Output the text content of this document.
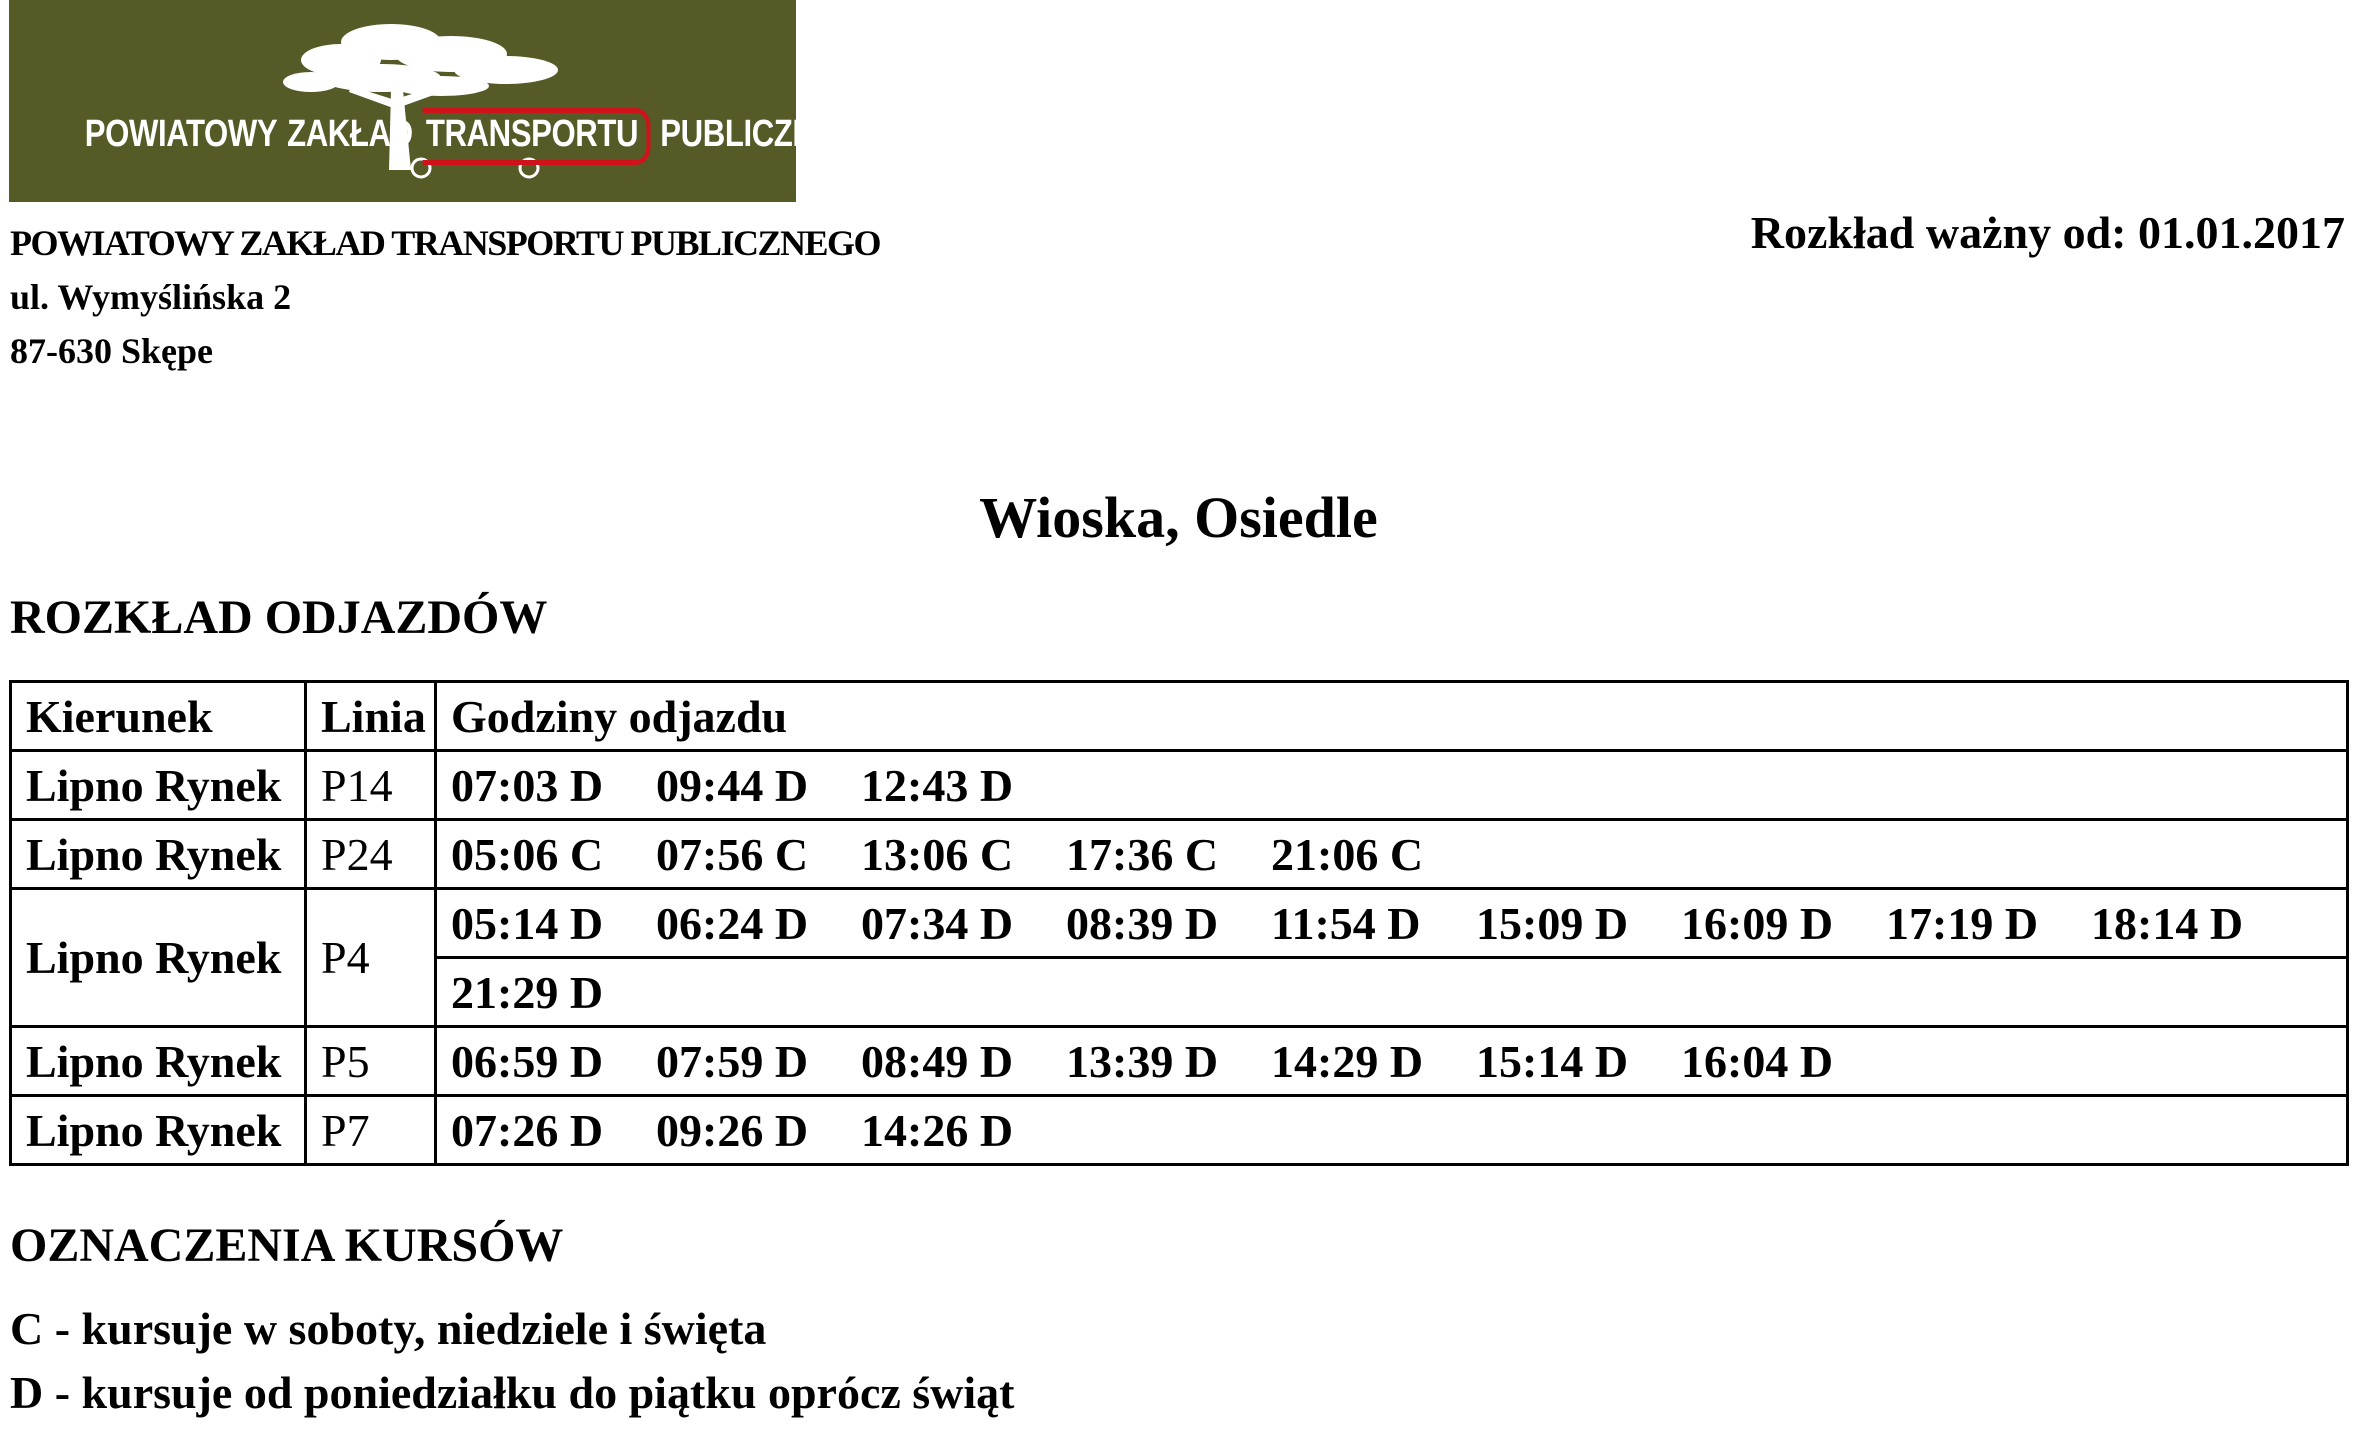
POWIATOWY ZAKŁAD TRANSPORTU PUBLICZNEGO
POWIATOWY ZAKŁAD TRANSPORTU PUBLICZNEGO
ul. Wymyślińska 2
87-630 Skępe
Rozkład ważny od: 01.01.2017
Wioska, Osiedle
ROZKŁAD ODJAZDÓW
Kierunek	Linia	Godziny odjazdu
Lipno Rynek	P14	07:03 D 09:44 D 12:43 D
Lipno Rynek	P24	05:06 C 07:56 C 13:06 C 17:36 C 21:06 C
Lipno Rynek	P4	05:14 D 06:24 D 07:34 D 08:39 D 11:54 D 15:09 D 16:09 D 17:19 D 18:14 D
		21:29 D
Lipno Rynek	P5	06:59 D 07:59 D 08:49 D 13:39 D 14:29 D 15:14 D 16:04 D
Lipno Rynek	P7	07:26 D 09:26 D 14:26 D
OZNACZENIA KURSÓW
C - kursuje w soboty, niedziele i święta
D - kursuje od poniedziałku do piątku oprócz świąt
